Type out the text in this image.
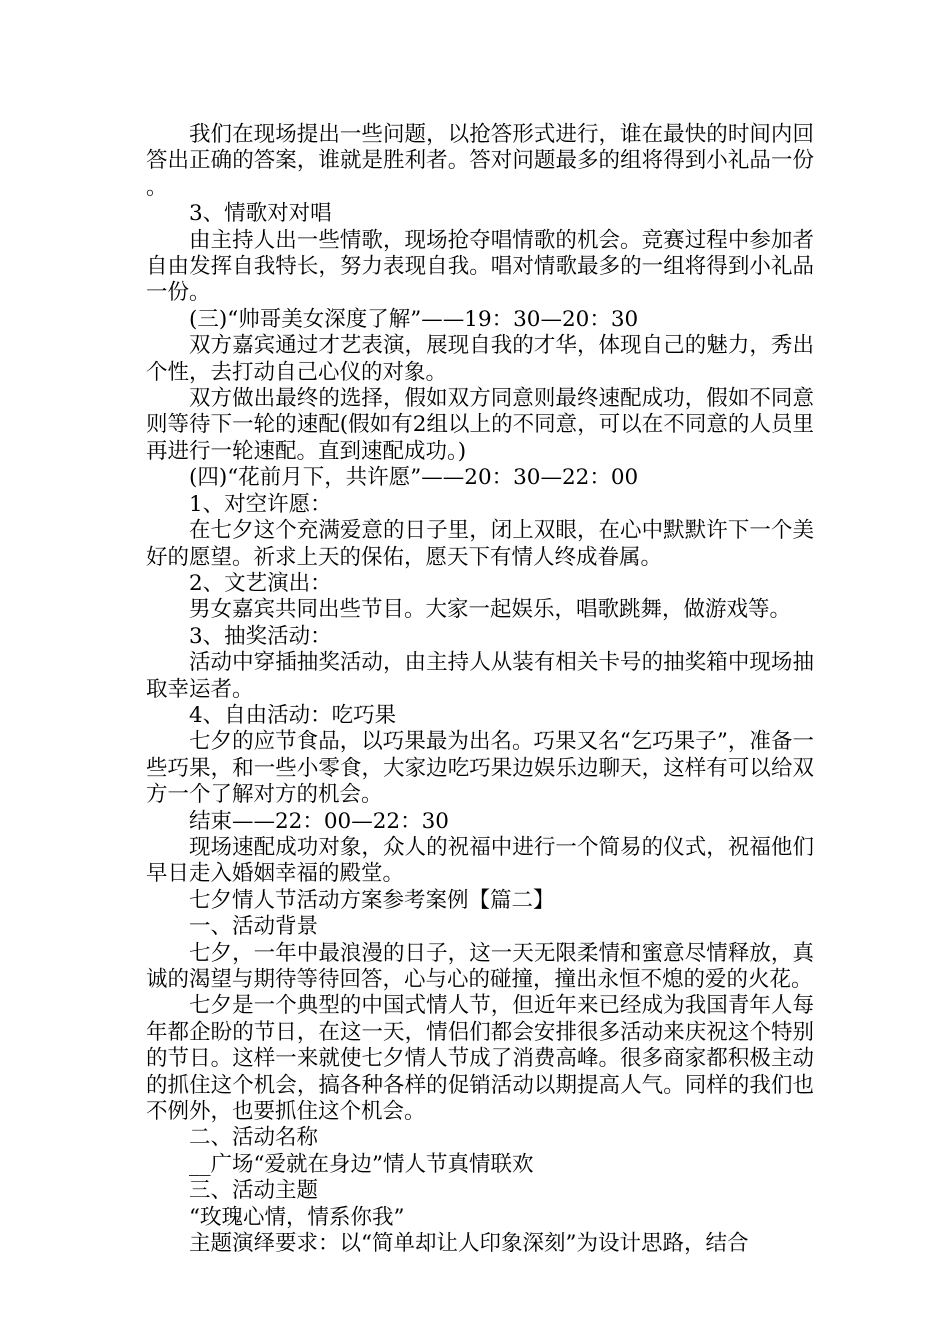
我们在现场提出一些问题，以抢答形式进行，谁在最快的时间内回答出正确的答案，谁就是胜利者。答对问题最多的组将得到小礼品一份。

3、情歌对对唱

由主持人出一些情歌，现场抢夺唱情歌的机会。竞赛过程中参加者自由发挥自我特长，努力表现自我。唱对情歌最多的一组将得到小礼品一份。

(三)“帅哥美女深度了解”——19：30—20：30

双方嘉宾通过才艺表演，展现自我的才华，体现自己的魅力，秀出个性，去打动自己心仪的对象。

双方做出最终的选择，假如双方同意则最终速配成功，假如不同意则等待下一轮的速配(假如有2组以上的不同意，可以在不同意的人员里再进行一轮速配。直到速配成功。)

(四)“花前月下，共许愿”——20：30—22：00

1、对空许愿：

在七夕这个充满爱意的日子里，闭上双眼，在心中默默许下一个美好的愿望。祈求上天的保佑，愿天下有情人终成眷属。

2、文艺演出：

男女嘉宾共同出些节目。大家一起娱乐，唱歌跳舞，做游戏等。

3、抽奖活动：

活动中穿插抽奖活动，由主持人从装有相关卡号的抽奖箱中现场抽取幸运者。

4、自由活动：吃巧果

七夕的应节食品，以巧果最为出名。巧果又名“乞巧果子”，准备一些巧果，和一些小零食，大家边吃巧果边娱乐边聊天，这样有可以给双方一个了解对方的机会。

结束——22：00—22：30

现场速配成功对象，众人的祝福中进行一个简易的仪式，祝福他们早日走入婚姻幸福的殿堂。

七夕情人节活动方案参考案例【篇二】

一、活动背景

七夕，一年中最浪漫的日子，这一天无限柔情和蜜意尽情释放，真诚的渴望与期待等待回答，心与心的碰撞，撞出永恒不熄的爱的火花。

七夕是一个典型的中国式情人节，但近年来已经成为我国青年人每年都企盼的节日，在这一天，情侣们都会安排很多活动来庆祝这个特别的节日。这样一来就使七夕情人节成了消费高峰。很多商家都积极主动的抓住这个机会，搞各种各样的促销活动以期提高人气。同样的我们也不例外，也要抓住这个机会。

二、活动名称

__广场“爱就在身边”情人节真情联欢

三、活动主题

“玫瑰心情，情系你我”

主题演绎要求：以“简单却让人印象深刻”为设计思路，结合
